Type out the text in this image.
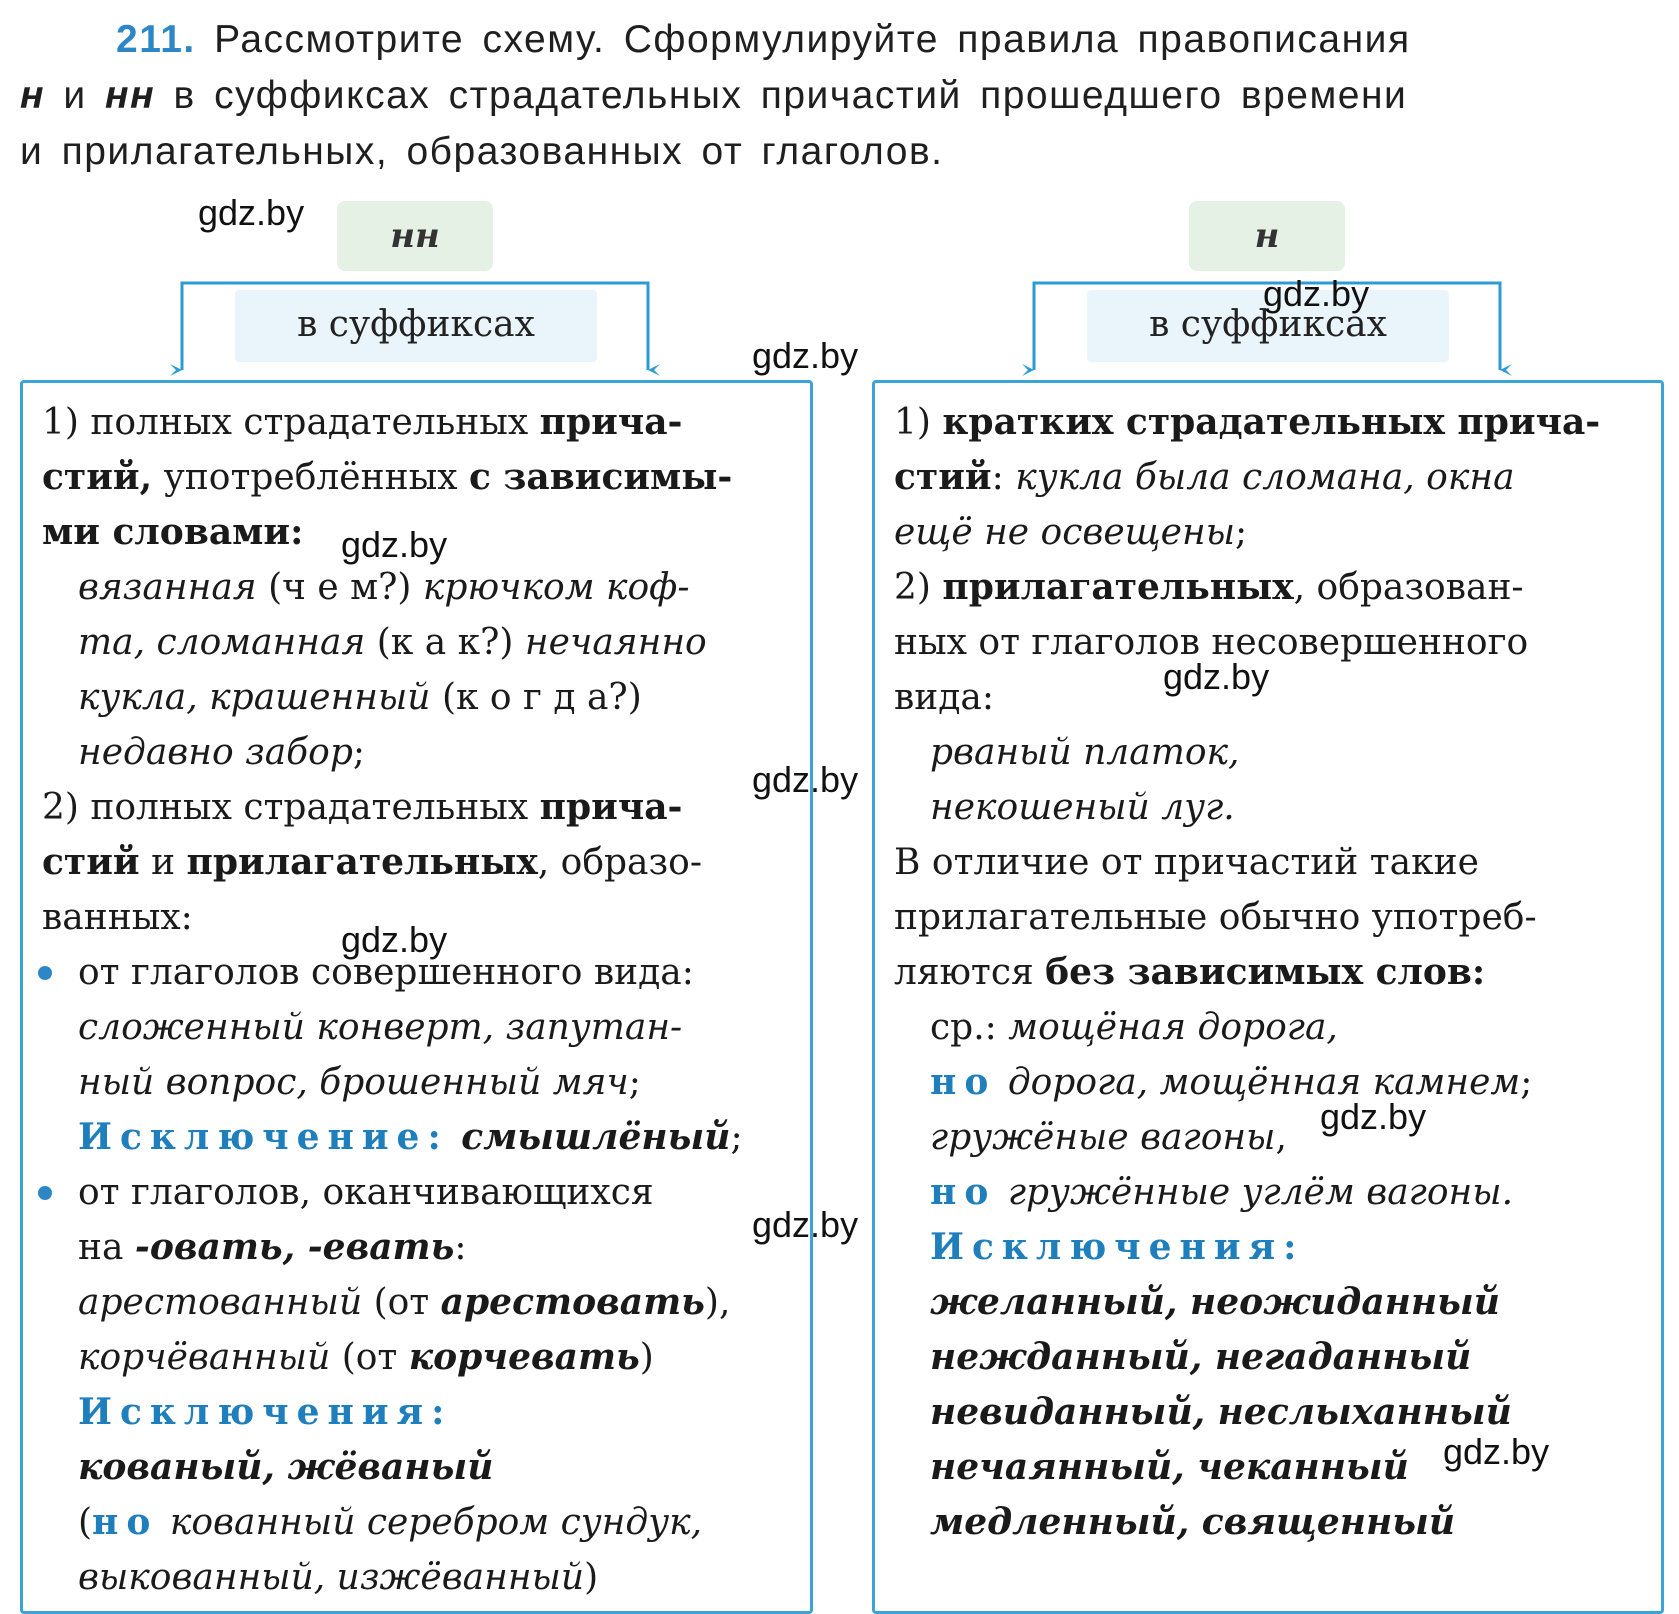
211. Рассмотрите схему. Сформулируйте правила правописания
н и нн в суффиксах страдательных причастий прошедшего времени
и прилагательных, образованных от глаголов.
нн	н
в суффиксах	в суффиксах
1) полных страдательных прича-
стий, употреблённых с зависимы-
ми словами:
вязанная (ч е м?) крючком коф-
та, сломанная (к а к?) нечаянно
кукла, крашенный (к о г д а?)
недавно забор;
2) полных страдательных прича-
стий и прилагательных, образо-
ванных:
от глаголов совершенного вида:
сложенный конверт, запутан-
ный вопрос, брошенный мяч;
Исключение: смышлёный;
от глаголов, оканчивающихся
на -овать, -евать:
арестованный (от арестовать),
корчёванный (от корчевать)
Исключения:
кованый, жёваный
(но кованный серебром сундук,
выкованный, изжёванный)
1) кратких страдательных прича-
стий: кукла была сломана, окна
ещё не освещены;
2) прилагательных, образован-
ных от глаголов несовершенного
вида:
рваный платок,
некошеный луг.
В отличие от причастий такие
прилагательные обычно употреб-
ляются без зависимых слов:
ср.: мощёная дорога,
но дорога, мощённая камнем;
гружёные вагоны,
но гружённые углём вагоны.
Исключения:
желанный, неожиданный
нежданный, негаданный
невиданный, неслыханный
нечаянный, чеканный
медленный, священный
gdz.by
gdz.by
gdz.by
gdz.by
gdz.by
gdz.by
gdz.by
gdz.by
gdz.by
gdz.by
